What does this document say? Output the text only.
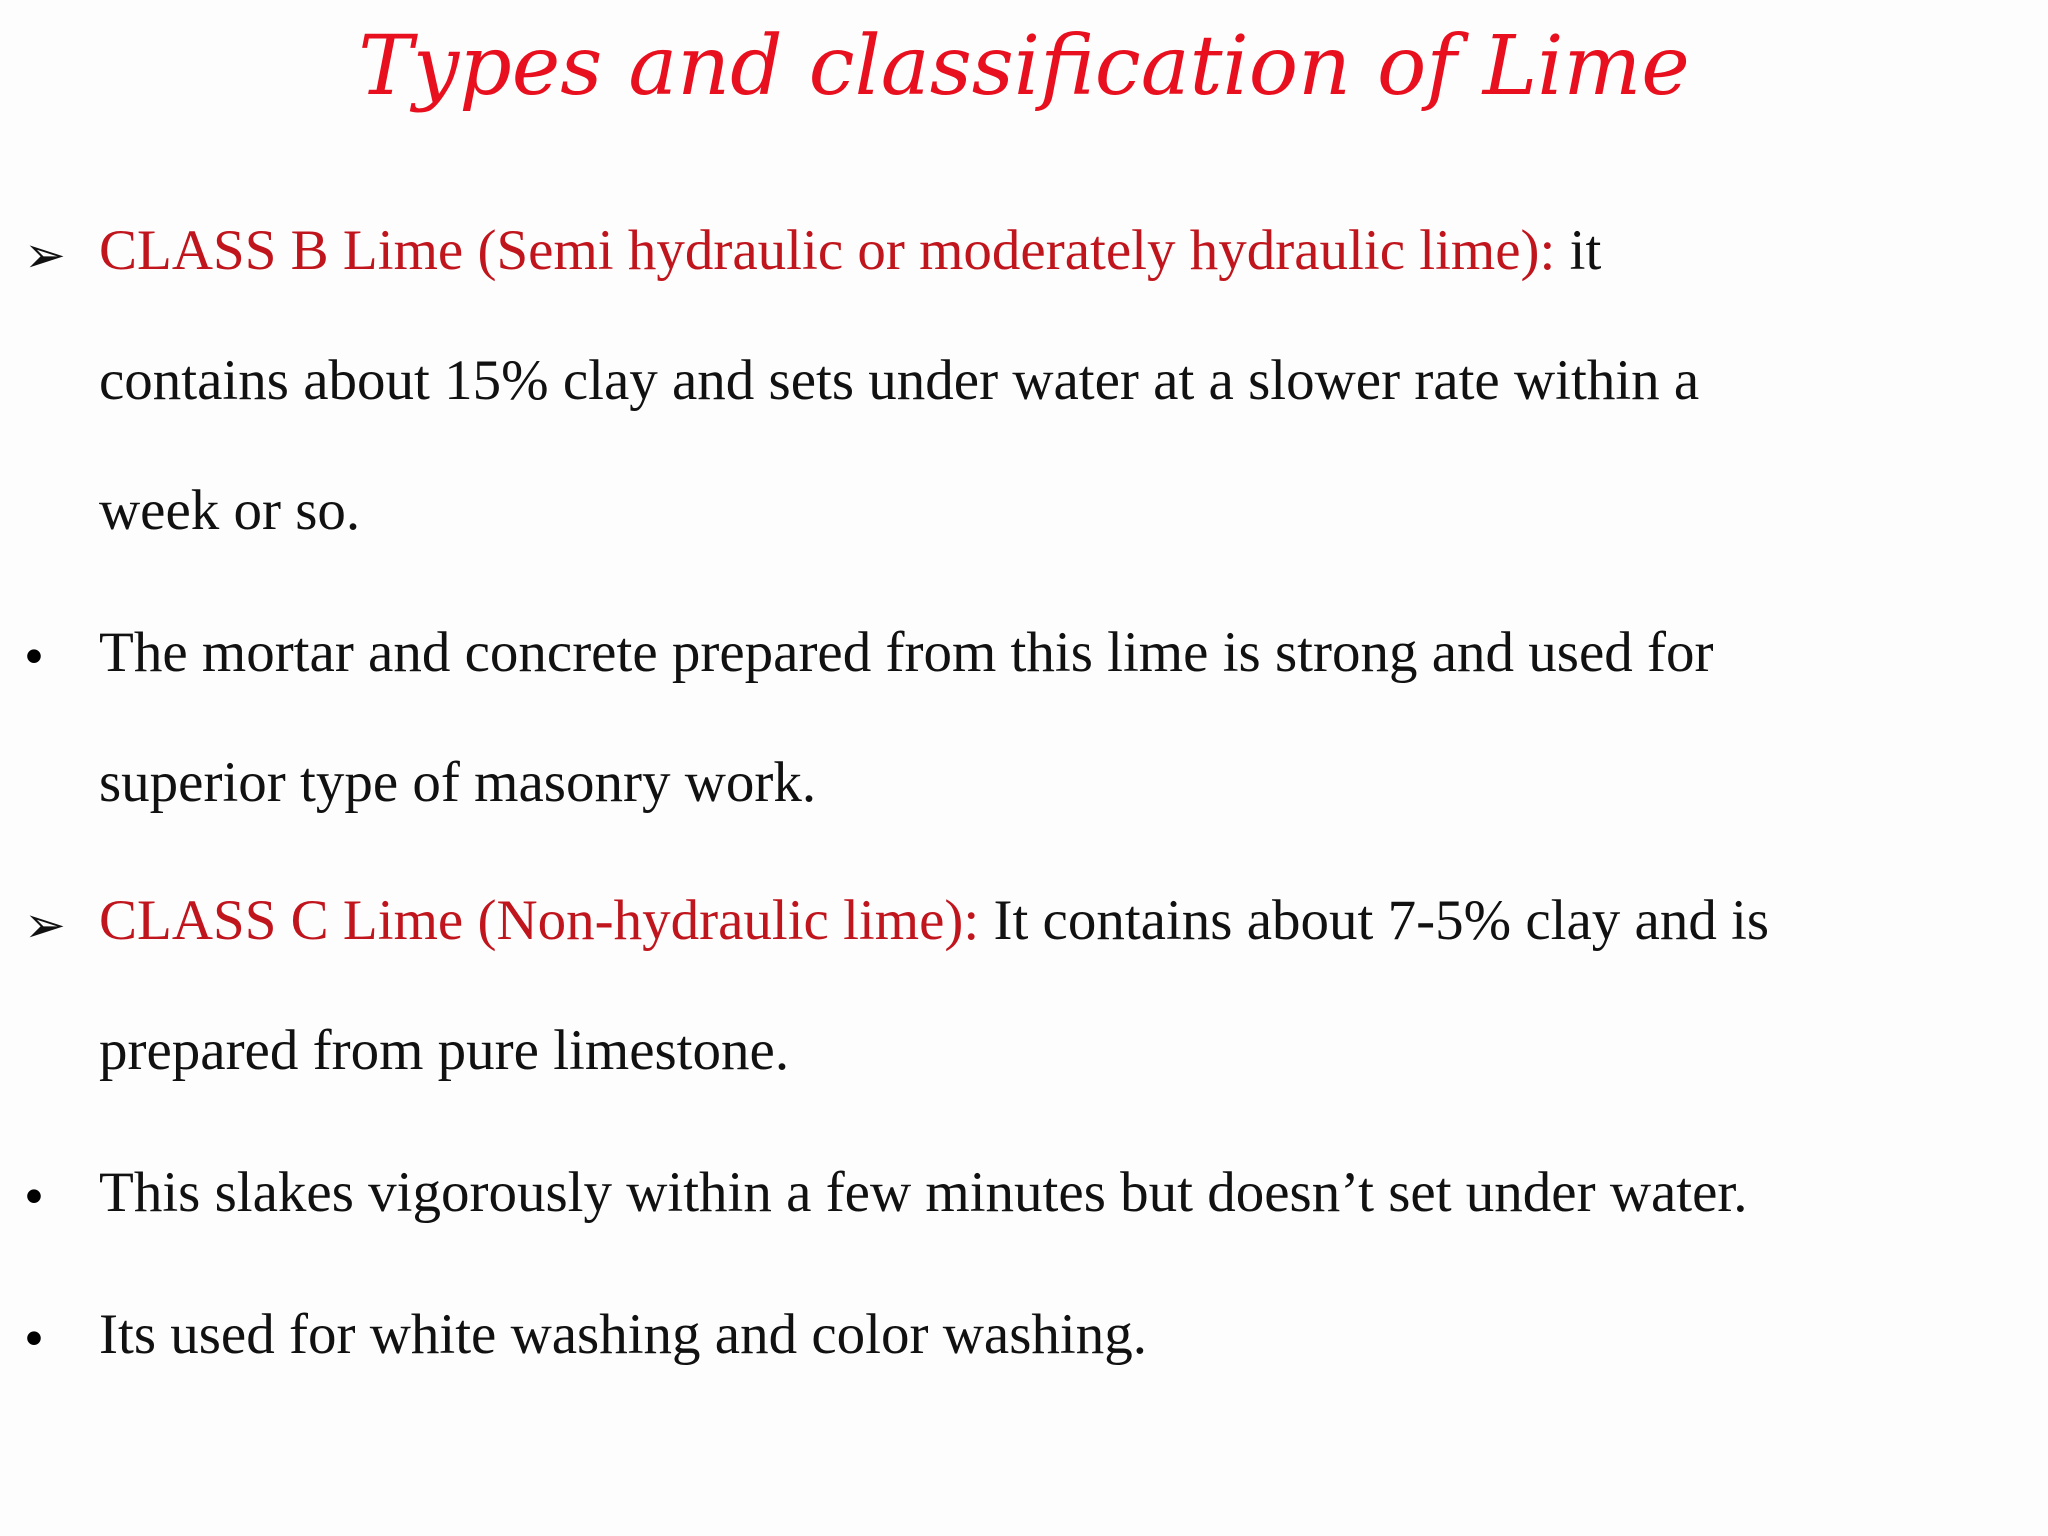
Types and classification of Lime
➢ CLASS B Lime (Semi hydraulic or moderately hydraulic lime): it
contains about 15% clay and sets under water at a slower rate within a
week or so.
• The mortar and concrete prepared from this lime is strong and used for
superior type of masonry work.
➢ CLASS C Lime (Non-hydraulic lime): It contains about 7-5% clay and is
prepared from pure limestone.
• This slakes vigorously within a few minutes but doesn’t set under water.
• Its used for white washing and color washing.
